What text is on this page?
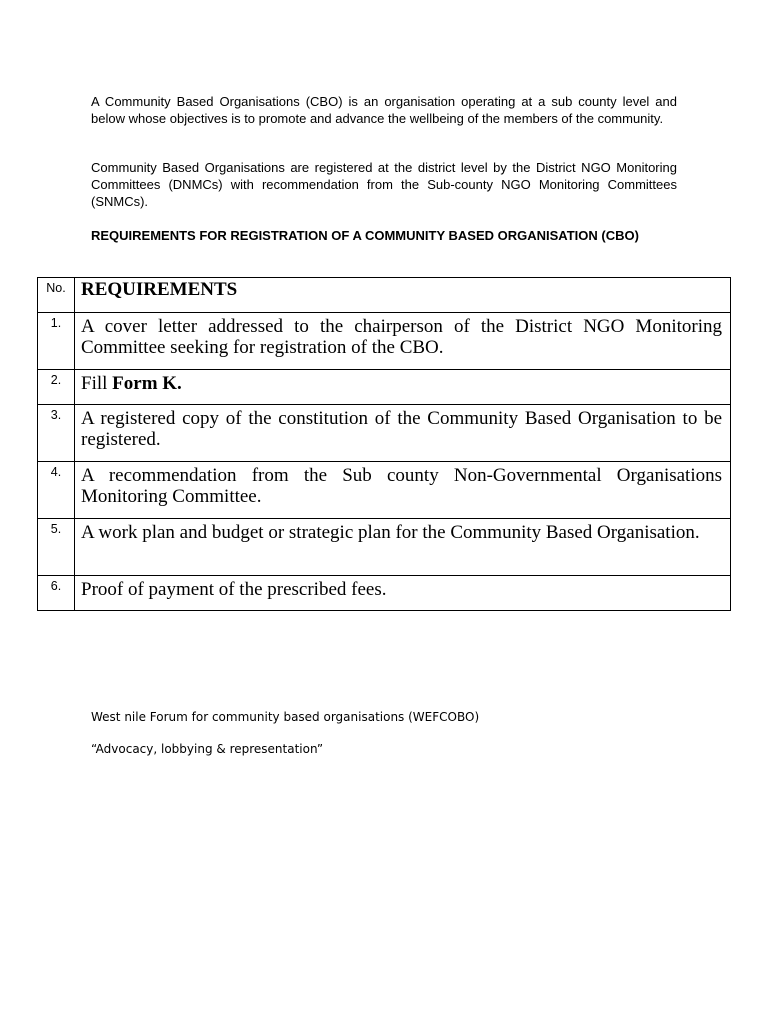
A Community Based Organisations (CBO) is an organisation operating at a sub county level and below whose objectives is to promote and advance the wellbeing of the members of the community.

Community Based Organisations are registered at the district level by the District NGO Monitoring Committees (DNMCs) with recommendation from the Sub-county NGO Monitoring Committees (SNMCs).

REQUIREMENTS FOR REGISTRATION OF A COMMUNITY BASED ORGANISATION (CBO)

No.	REQUIREMENTS
1.	A cover letter addressed to the chairperson of the District NGO Monitoring Committee seeking for registration of the CBO.
2.	Fill Form K.
3.	A registered copy of the constitution of the Community Based Organisation to be registered.
4.	A recommendation from the Sub county Non-Governmental Organisations Monitoring Committee.
5.	A work plan and budget or strategic plan for the Community Based Organisation.
6.	Proof of payment of the prescribed fees.

West nile Forum for community based organisations (WEFCOBO)

“Advocacy, lobbying & representation”
